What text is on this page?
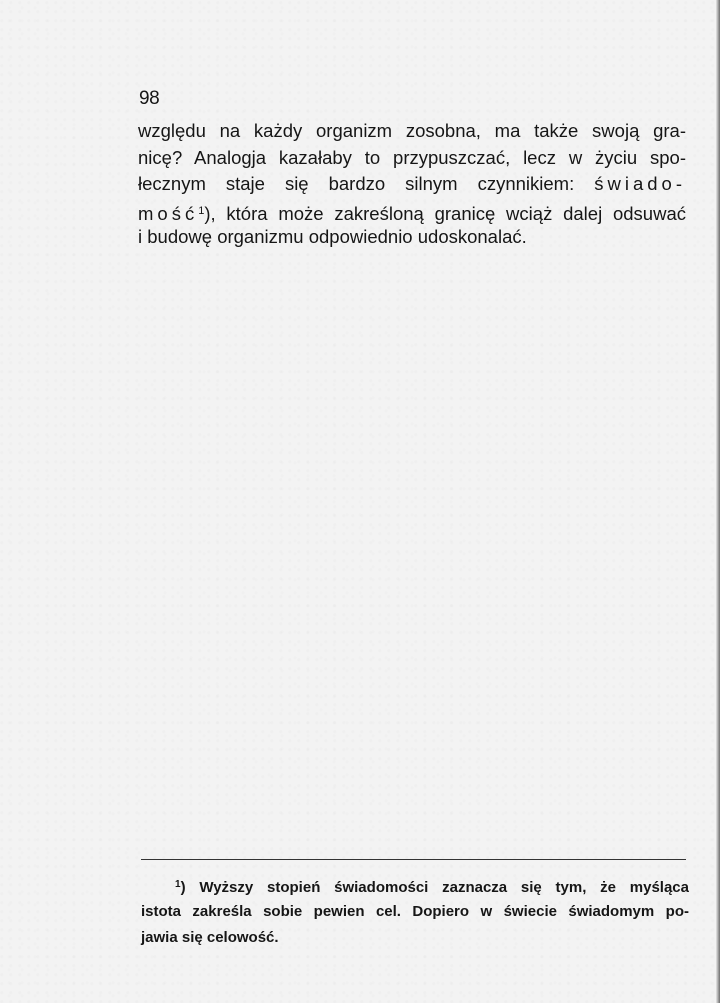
98
względu na każdy organizm zosobna, ma także swoją gra-
nicę? Analogja kazałaby to przypuszczać, lecz w życiu spo-
łecznym staje się bardzo silnym czynnikiem: świado-
mość$^1$), która może zakreśloną granicę wciąż dalej odsuwać
i budowę organizmu odpowiednio udoskonalać.
$^1$) Wyższy stopień świadomości zaznacza się tym, że myśląca
istota zakreśla sobie pewien cel. Dopiero w świecie świadomym po-
jawia się celowość.
